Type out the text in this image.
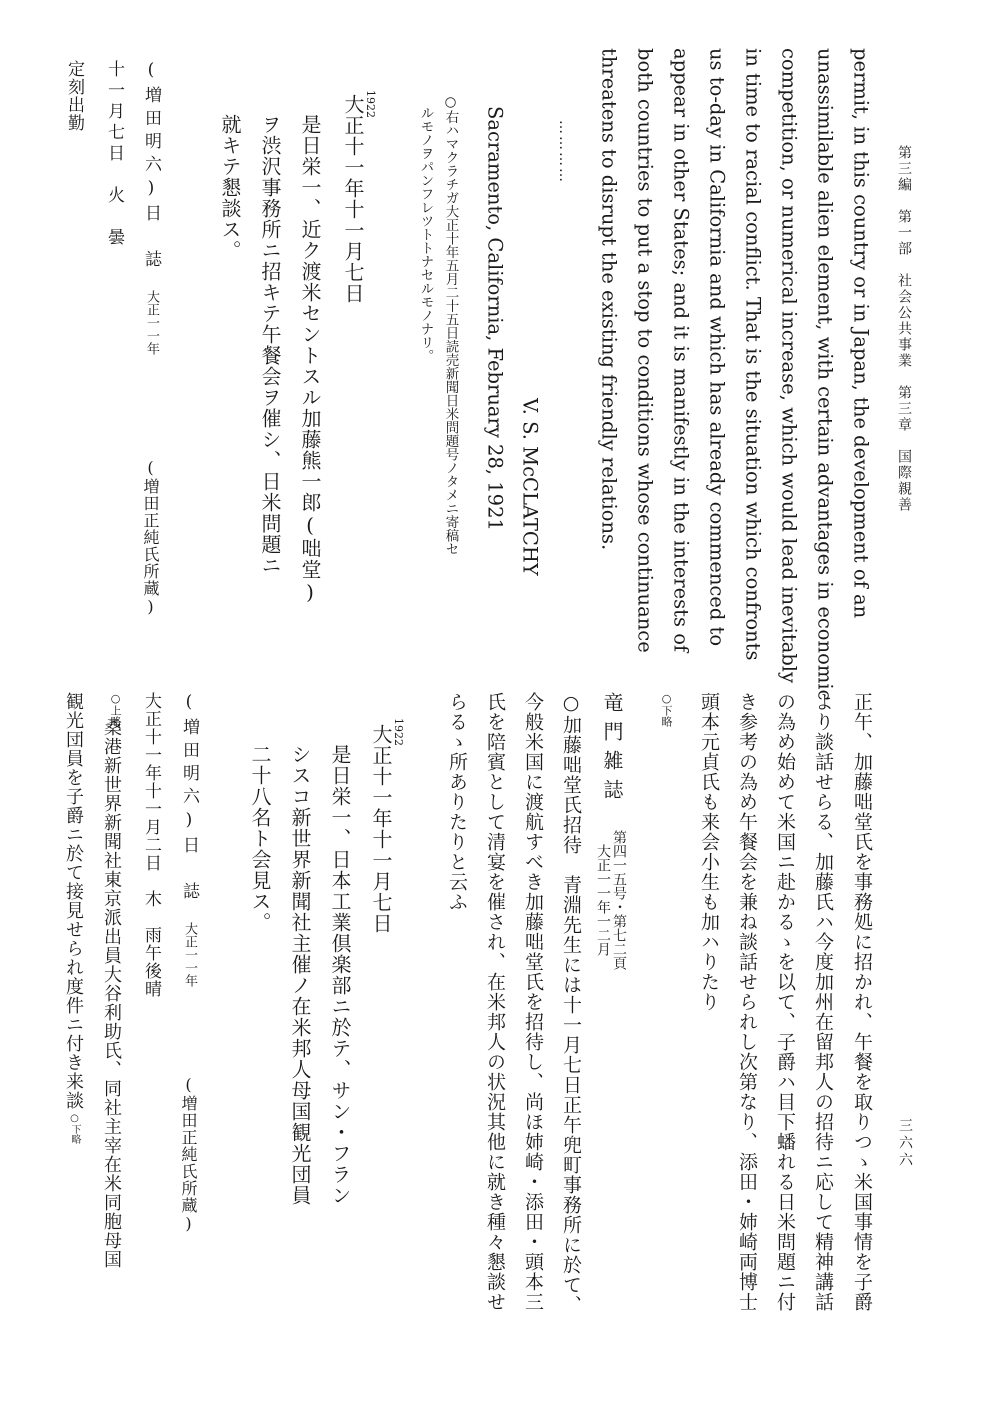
第三編　第一部　社会公共事業　第三章　国際親善
permit, in this country or in Japan, the development of an
unassimilable alien element, with certain advantages in economic
competition, or numerical increase, which would lead inevitably
in time to racial conflict. That is the situation which confronts
us to-day in California and which has already commenced to
appear in other States; and it is manifestly in the interests of
both countries to put a stop to conditions whose continuance
threatens to disrupt the existing friendly relations.
…………
V. S. McCLATCHY
Sacramento, California, February 28, 1921
○右ハマクラチガ大正十年五月二十五日読売新聞日米問題号ノタメニ寄稿セ
ルモノヲパンフレツトトナセルモノナリ。
1922
大正十一年十一月七日
是日栄一、近ク渡米セントスル加藤熊一郎(咄堂)
ヲ渋沢事務所ニ招キテ午餐会ヲ催シ、日米問題ニ
就キテ懇談ス。
(増田正純氏所蔵)
(増田明六)日　誌
大正一一年
十一月七日　火　曇
定刻出勤
三六六
正午、加藤咄堂氏を事務処に招かれ、午餐を取りつゝ米国事情を子爵
より談話せらる、加藤氏ハ今度加州在留邦人の招待ニ応して精神講話
の為め始めて米国ニ赴かるゝを以て、子爵ハ目下蟠れる日米問題ニ付
き参考の為め午餐会を兼ね談話せられし次第なり、添田・姉崎両博士
頭本元貞氏も来会小生も加ハりたり
○下略
竜門雑誌
第四一五号・第七二頁
大正一一年一二月
○加藤咄堂氏招待　青淵先生には十一月七日正午兜町事務所に於て、
今般米国に渡航すべき加藤咄堂氏を招待し、尚ほ姉崎・添田・頭本三
氏を陪賓として清宴を催され、在米邦人の状況其他に就き種々懇談せ
らるゝ所ありたりと云ふ
1922
大正十一年十一月七日
是日栄一、日本工業倶楽部ニ於テ、サン・フラン
シスコ新世界新聞社主催ノ在米邦人母国観光団員
二十八名ト会見ス。
(増田正純氏所蔵)
(増田明六)日　誌
大正一一年
大正十一年十一月二日　木　雨午後晴
○上略
桑港新世界新聞社東京派出員大谷利助氏、同社主宰在米同胞母国
観光団員を子爵ニ於て接見せられ度件ニ付き来談
○下略
